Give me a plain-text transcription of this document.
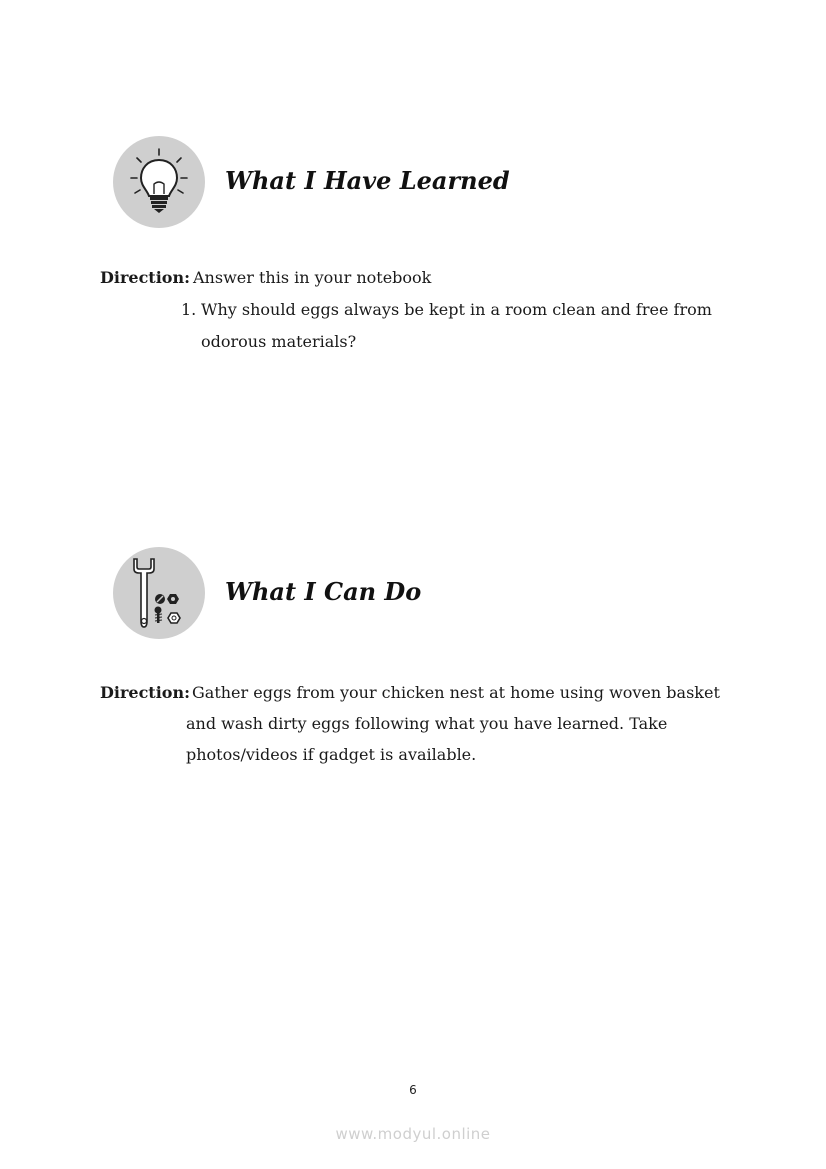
What I Have Learned
Direction: Answer this in your notebook
1. Why should eggs always be kept in a room clean and free from
odorous materials?
What I Can Do
Direction: Gather eggs from your chicken nest at home using woven basket
and wash dirty eggs following what you have learned. Take
photos/videos if gadget is available.
6
www.modyul.online
